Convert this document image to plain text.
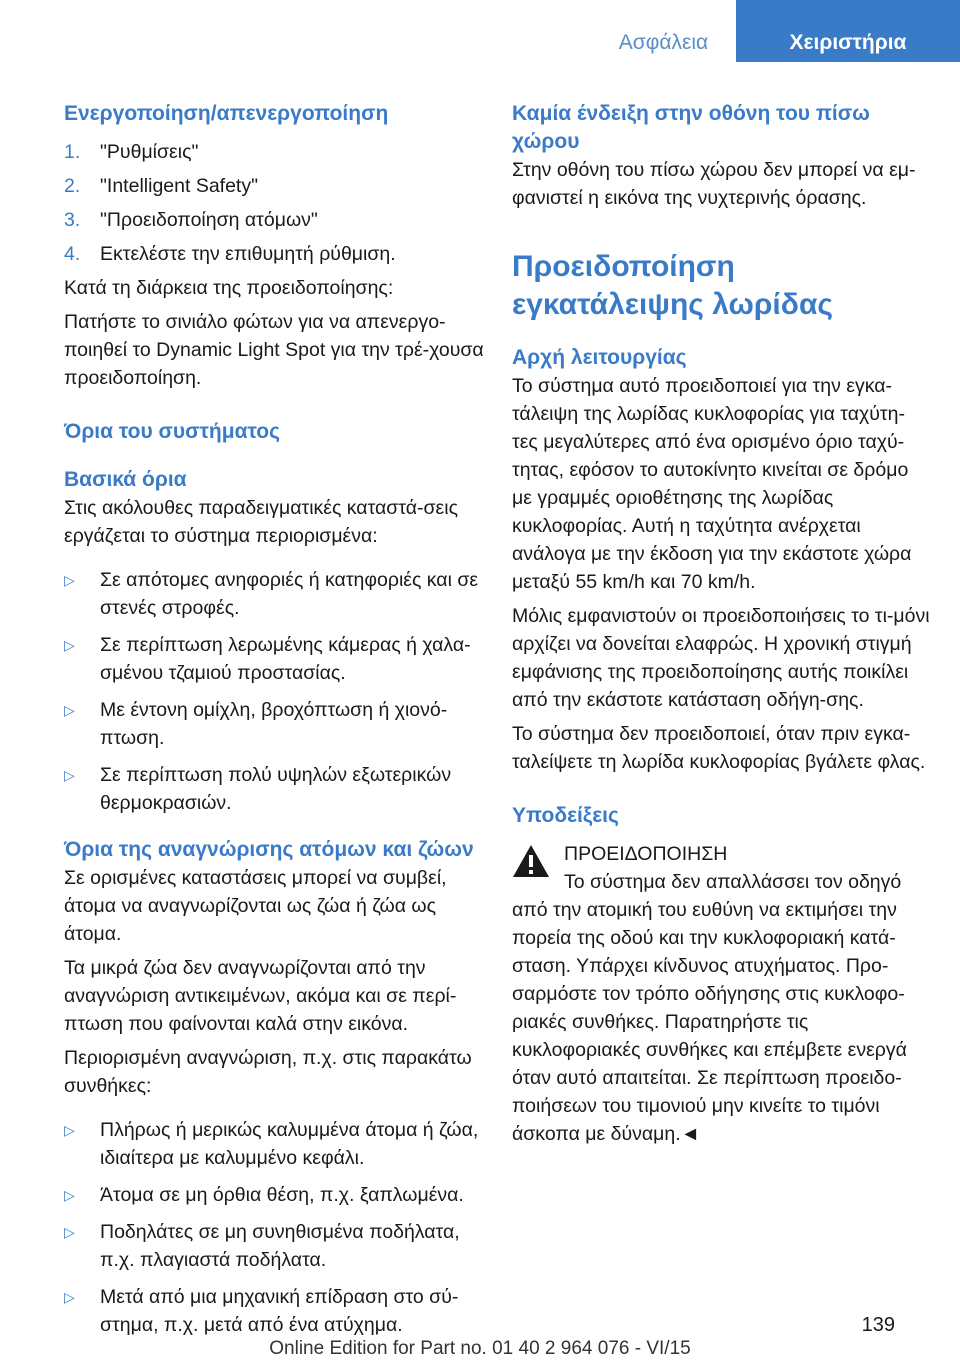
Ασφάλεια	Χειριστήρια
Ενεργοποίηση/απενεργοποίηση
1.	"Ρυθμίσεις"
2.	"Intelligent Safety"
3.	"Προειδοποίηση ατόμων"
4.	Εκτελέστε την επιθυμητή ρύθμιση.

Κατά τη διάρκεια της προειδοποίησης:

Πατήστε το σινιάλο φώτων για να απενεργο-ποιηθεί το Dynamic Light Spot για την τρέ-χουσα προειδοποίηση.

Όρια του συστήματος
Βασικά όρια

Στις ακόλουθες παραδειγματικές καταστά-σεις εργάζεται το σύστημα περιορισμένα:

▷	Σε απότομες ανηφοριές ή κατηφοριές και σε στενές στροφές.
▷	Σε περίπτωση λερωμένης κάμερας ή χαλα-σμένου τζαμιού προστασίας.
▷	Με έντονη ομίχλη, βροχόπτωση ή χιονό-πτωση.
▷	Σε περίπτωση πολύ υψηλών εξωτερικών θερμοκρασιών.
Όρια της αναγνώρισης ατόμων και ζώων

Σε ορισμένες καταστάσεις μπορεί να συμβεί, άτομα να αναγνωρίζονται ως ζώα ή ζώα ως άτομα.

Τα μικρά ζώα δεν αναγνωρίζονται από την αναγνώριση αντικειμένων, ακόμα και σε περί-πτωση που φαίνονται καλά στην εικόνα.

Περιορισμένη αναγνώριση, π.χ. στις παρακάτω συνθήκες:

▷	Πλήρως ή μερικώς καλυμμένα άτομα ή ζώα, ιδιαίτερα με καλυμμένο κεφάλι.
▷	Άτομα σε μη όρθια θέση, π.χ. ξαπλωμένα.
▷	Ποδηλάτες σε μη συνηθισμένα ποδήλατα, π.χ. πλαγιαστά ποδήλατα.
▷	Μετά από μια μηχανική επίδραση στο σύ-στημα, π.χ. μετά από ένα ατύχημα.
Καμία ένδειξη στην οθόνη του πίσω χώρου

Στην οθόνη του πίσω χώρου δεν μπορεί να εμ-φανιστεί η εικόνα της νυχτερινής όρασης.

Προειδοποίηση εγκατάλειψης λωρίδας
Αρχή λειτουργίας

Το σύστημα αυτό προειδοποιεί για την εγκα-τάλειψη της λωρίδας κυκλοφορίας για ταχύτη-τες μεγαλύτερες από ένα ορισμένο όριο ταχύ-τητας, εφόσον το αυτοκίνητο κινείται σε δρόμο με γραμμές οριοθέτησης της λωρίδας κυκλοφορίας. Αυτή η ταχύτητα ανέρχεται ανάλογα με την έκδοση για την εκάστοτε χώρα μεταξύ 55 km/h και 70 km/h.

Μόλις εμφανιστούν οι προειδοποιήσεις το τι-μόνι αρχίζει να δονείται ελαφρώς. Η χρονική στιγμή εμφάνισης της προειδοποίησης αυτής ποικίλει από την εκάστοτε κατάσταση οδήγη-σης.

Το σύστημα δεν προειδοποιεί, όταν πριν εγκα-ταλείψετε τη λωρίδα κυκλοφορίας βγάλετε φλας.

Υποδείξεις

ΠΡΟΕΙΔΟΠΟΙΗΣΗ

Το σύστημα δεν απαλλάσσει τον οδηγό

από την ατομική του ευθύνη να εκτιμήσει την πορεία της οδού και την κυκλοφοριακή κατά-σταση. Υπάρχει κίνδυνος ατυχήματος. Προ-σαρμόστε τον τρόπο οδήγησης στις κυκλοφο-ριακές συνθήκες. Παρατηρήστε τις κυκλοφοριακές συνθήκες και επέμβετε ενεργά όταν αυτό απαιτείται. Σε περίπτωση προειδο-ποιήσεων του τιμονιού μην κινείτε το τιμόνι άσκοπα με δύναμη.◄

139
Online Edition for Part no. 01 40 2 964 076 - VI/15
